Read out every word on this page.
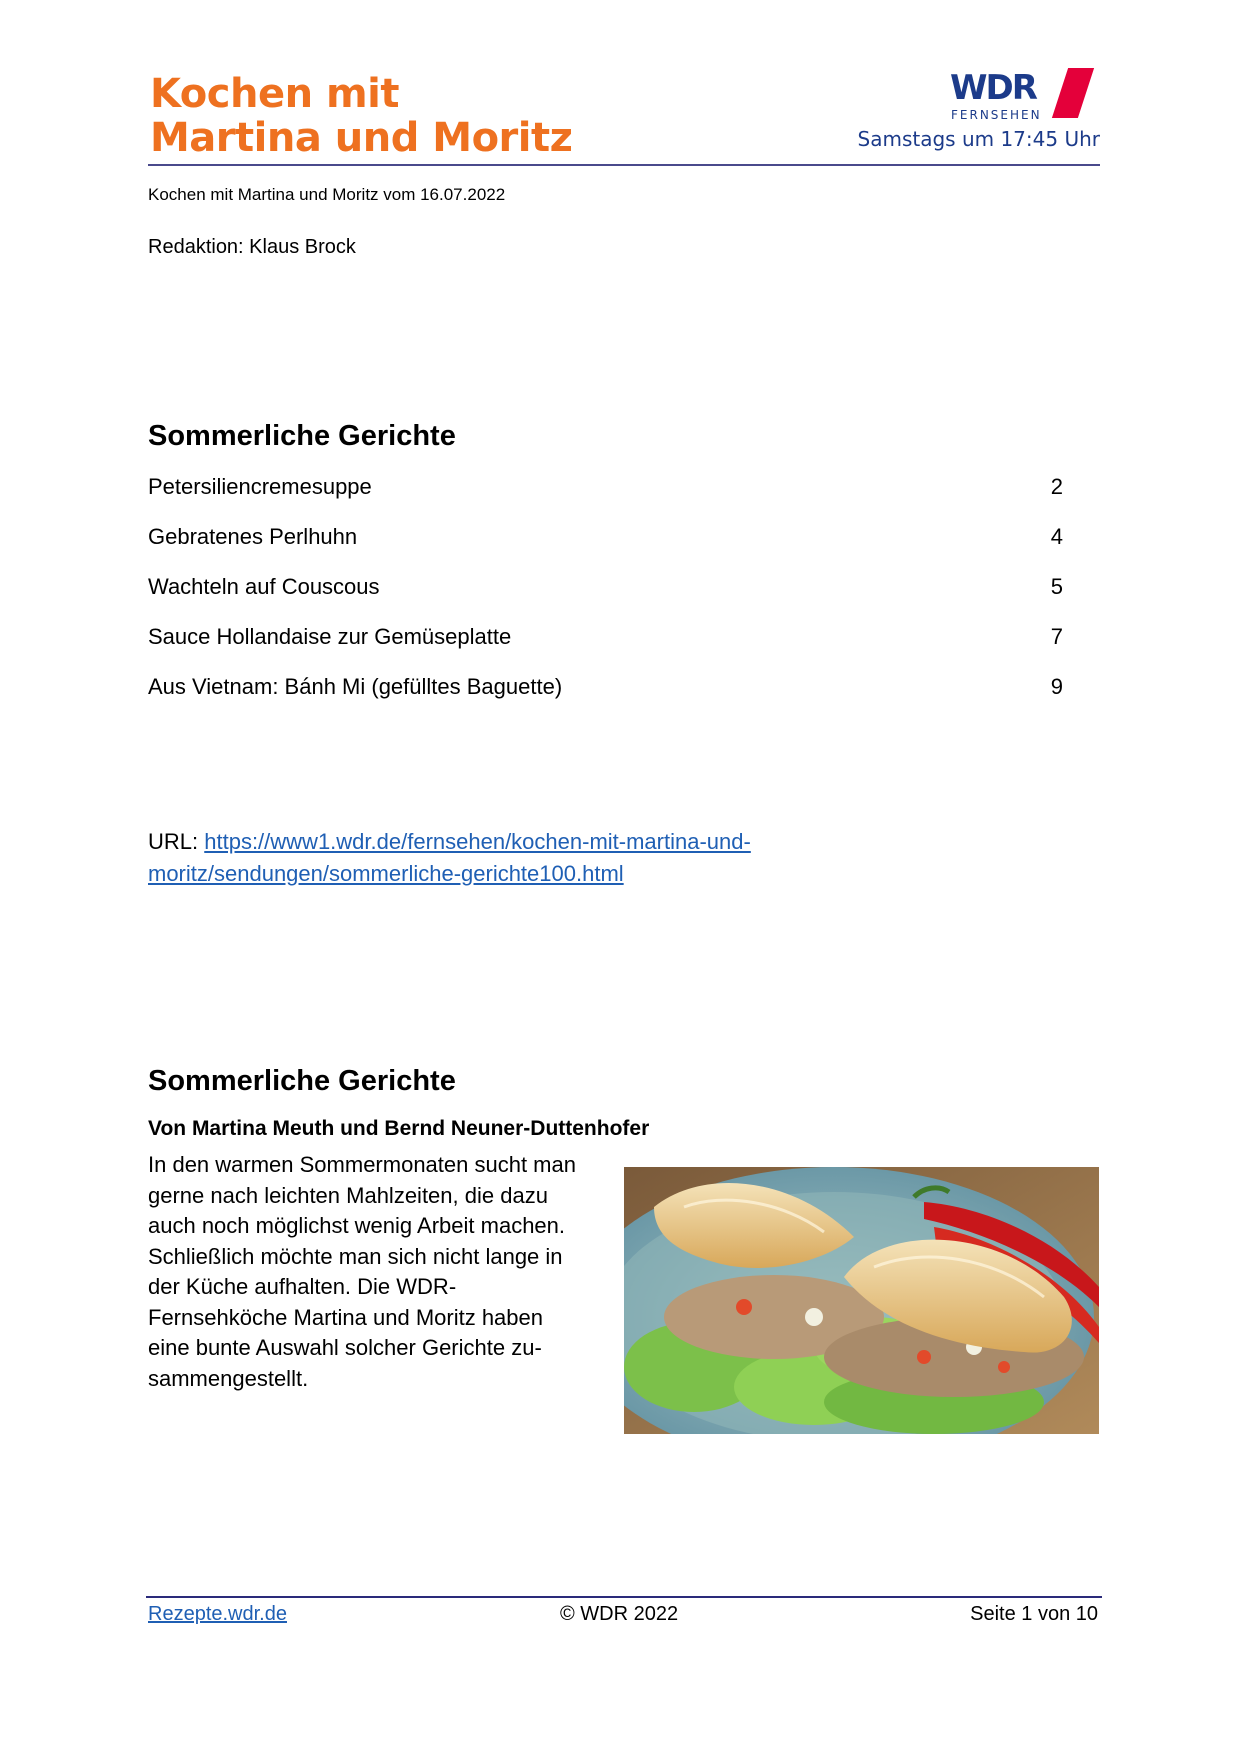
Kochen mit
Martina und Moritz
WDR
FERNSEHEN
Samstags um 17:45 Uhr
Kochen mit Martina und Moritz vom 16.07.2022
Redaktion: Klaus Brock
Sommerliche Gerichte
Petersiliencremesuppe	2
Gebratenes Perlhuhn	4
Wachteln auf Couscous	5
Sauce Hollandaise zur Gemüseplatte	7
Aus Vietnam: Bánh Mi (gefülltes Baguette)	9
URL: https://www1.wdr.de/fernsehen/kochen-mit-martina-und-
moritz/sendungen/sommerliche-gerichte100.html
Sommerliche Gerichte
Von Martina Meuth und Bernd Neuner-Duttenhofer
In den warmen Sommermonaten sucht man
gerne nach leichten Mahlzeiten, die dazu
auch noch möglichst wenig Arbeit machen.
Schließlich möchte man sich nicht lange in
der Küche aufhalten. Die WDR-
Fernsehköche Martina und Moritz haben
eine bunte Auswahl solcher Gerichte zu-
sammengestellt.
Rezepte.wdr.de	© WDR 2022	Seite 1 von 10
